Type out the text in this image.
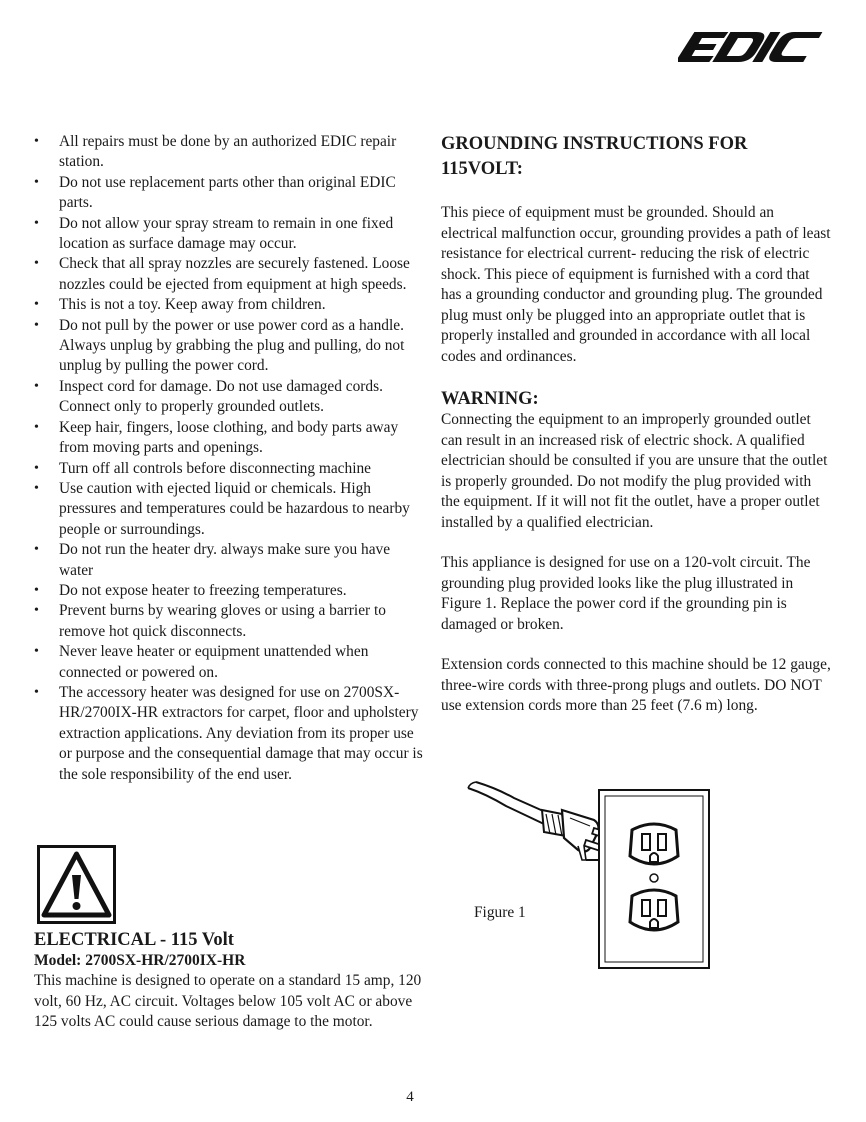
• All repairs must be done by an authorized EDIC repair station.
• Do not use replacement parts other than original EDIC parts.
• Do not allow your spray stream to remain in one fixed location as surface damage may occur.
• Check that all spray nozzles are securely fastened. Loose nozzles could be ejected from equipment at high speeds.
• This is not a toy. Keep away from children.
• Do not pull by the power or use power cord as a handle. Always unplug by grabbing the plug and pulling, do not unplug by pulling the power cord.
• Inspect cord for damage. Do not use damaged cords. Connect only to properly grounded outlets.
• Keep hair, fingers, loose clothing, and body parts away from moving parts and openings.
• Turn off all controls before disconnecting machine
• Use caution with ejected liquid or chemicals. High pressures and temperatures could be hazardous to nearby people or surroundings.
• Do not run the heater dry. always make sure you have water
• Do not expose heater to freezing temperatures.
• Prevent burns by wearing gloves or using a barrier to remove hot quick disconnects.
• Never leave heater or equipment unattended when connected or powered on.
• The accessory heater was designed for use on 2700SX-HR/2700IX-HR extractors for carpet, floor and upholstery extraction applications. Any deviation from its proper use or purpose and the consequential damage that may occur is the sole responsibility of the end user.
ELECTRICAL - 115 Volt
Model: 2700SX-HR/2700IX-HR

This machine is designed to operate on a standard 15 amp, 120 volt, 60 Hz, AC circuit. Voltages below 105 volt AC or above 125 volts AC could cause serious damage to the motor.

GROUNDING INSTRUCTIONS FOR 115VOLT:

This piece of equipment must be grounded. Should an electrical malfunction occur, grounding provides a path of least resistance for electrical current- reducing the risk of electric shock. This piece of equipment is furnished with a cord that has a grounding conductor and grounding plug. The grounded plug must only be plugged into an appropriate outlet that is properly installed and grounded in accordance with all local codes and ordinances.

WARNING:

Connecting the equipment to an improperly grounded outlet can result in an increased risk of electric shock. A qualified electrician should be consulted if you are unsure that the outlet is properly grounded. Do not modify the plug provided with the equipment. If it will not fit the outlet, have a proper outlet installed by a qualified electrician.

This appliance is designed for use on a 120-volt circuit. The grounding plug provided looks like the plug illustrated in Figure 1. Replace the power cord if the grounding pin is damaged or broken.

Extension cords connected to this machine should be 12 gauge, three-wire cords with three-prong plugs and outlets. DO NOT use extension cords more than 25 feet (7.6 m) long.

Figure 1
4
